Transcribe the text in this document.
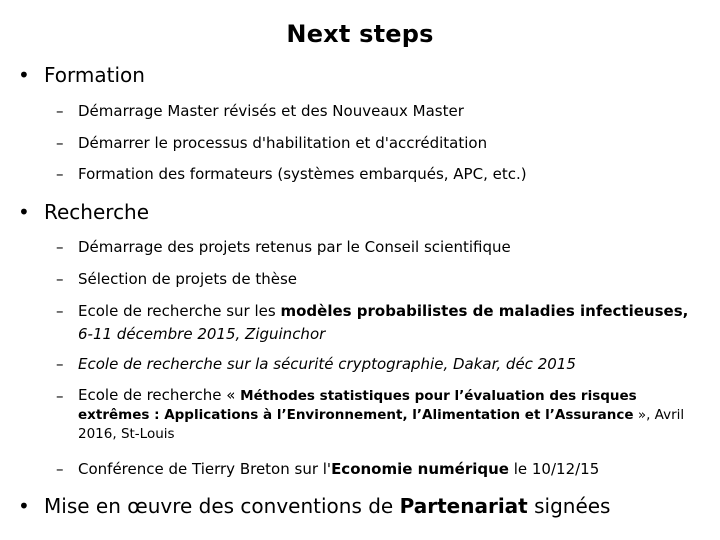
Next steps
• Formation
– Démarrage Master révisés et des Nouveaux Master
– Démarrer le processus d'habilitation et d'accréditation
– Formation des formateurs (systèmes embarqués, APC, etc.)
• Recherche
– Démarrage des projets retenus par le Conseil scientifique
– Sélection de projets de thèse
– Ecole de recherche sur les modèles probabilistes de maladies infectieuses,
6-11 décembre 2015, Ziguinchor
– Ecole de recherche sur la sécurité cryptographie, Dakar, déc 2015
– Ecole de recherche « Méthodes statistiques pour l’évaluation des risques extrêmes : Applications à l’Environnement, l’Alimentation et l’Assurance », Avril 2016, St-Louis
– Conférence de Tierry Breton sur l'Economie numérique le 10/12/15
• Mise en œuvre des conventions de Partenariat signées
